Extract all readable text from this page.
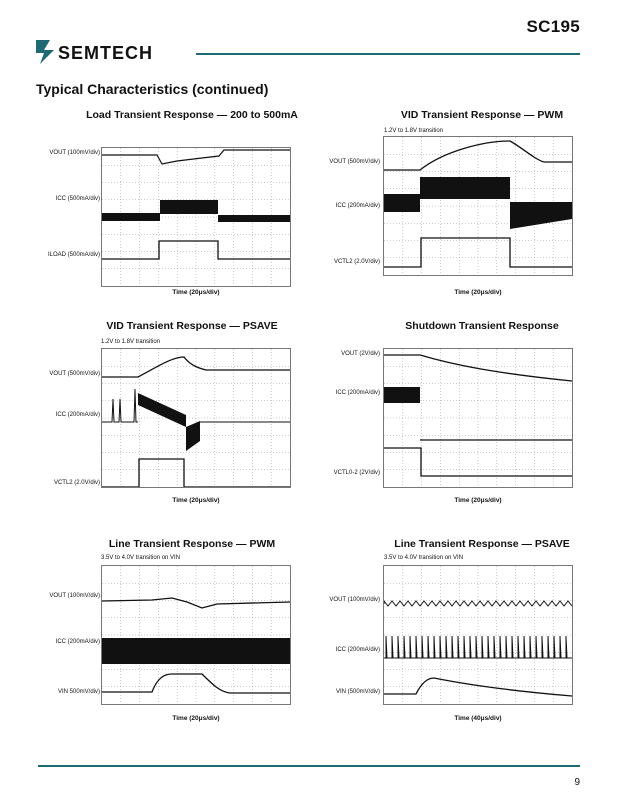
SC195
SEMTECH
Typical Characteristics (continued)
Load Transient Response — 200 to 500mA
VOUT (100mV/div)
ICC (500mA/div)
ILOAD (500mA/div)
Time (20μs/div)
VID Transient Response — PWM
1.2V to 1.8V transition
VOUT (500mV/div)
ICC (200mA/div)
VCTL2 (2.0V/div)
Time (20μs/div)
VID Transient Response — PSAVE
1.2V to 1.8V transition
VOUT (500mV/div)
ICC (200mA/div)
VCTL2 (2.0V/div)
Time (20μs/div)
Shutdown Transient Response
VOUT (2V/div)
ICC (200mA/div)
VCTL0-2 (2V/div)
Time (20μs/div)
Line Transient Response — PWM
3.5V to 4.0V transition on VIN
VOUT (100mV/div)
ICC (200mA/div)
VIN 500mV/div)
Time (20μs/div)
Line Transient Response — PSAVE
3.5V to 4.0V transition on VIN
VOUT (100mV/div)
ICC (200mA/div)
VIN (500mV/div)
Time (40μs/div)
9
